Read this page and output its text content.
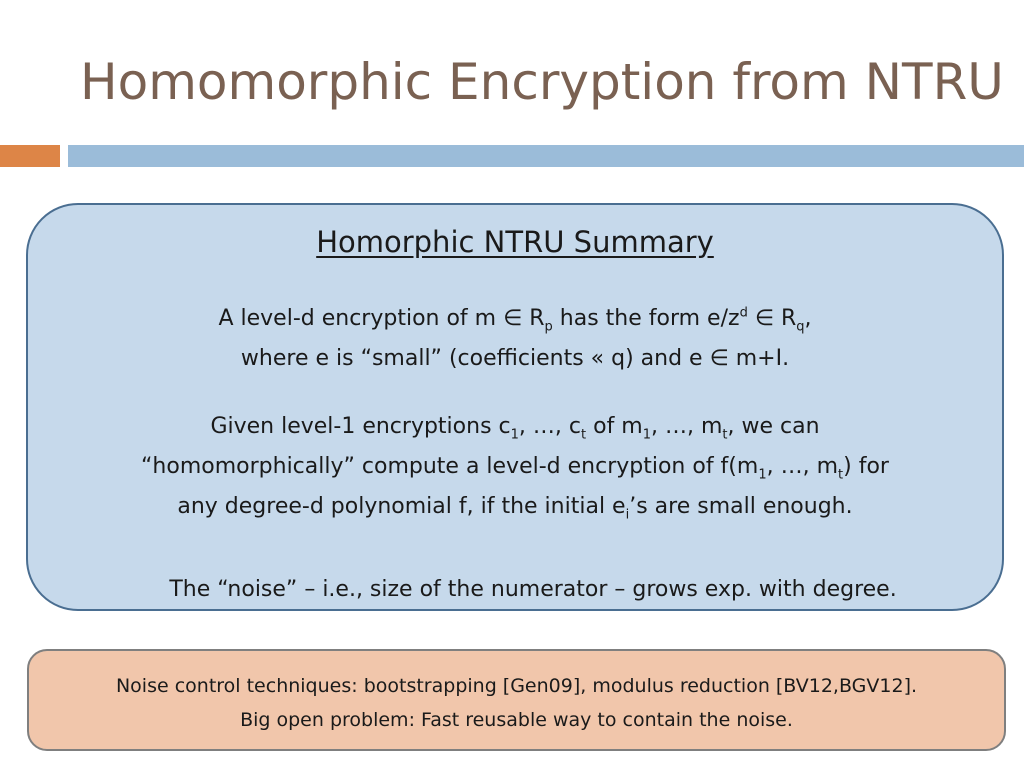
Homomorphic Encryption from NTRU
Homorphic NTRU Summary
A level-d encryption of m ∈ $R_p$ has the form $e/z^d$ ∈ $R_q$,
where e is “small” (coefficients « q) and e ∈ m+I.
Given level-1 encryptions $c_1$, …, $c_t$ of $m_1$, …, $m_t$, we can
“homomorphically” compute a level-d encryption of $f(m_1$, …, $m_t$) for
any degree-d polynomial f, if the initial $e_i’s$ are small enough.
The “noise” – i.e., size of the numerator – grows exp. with degree.
Noise control techniques: bootstrapping [Gen09], modulus reduction [BV12,BGV12].
Big open problem: Fast reusable way to contain the noise.
